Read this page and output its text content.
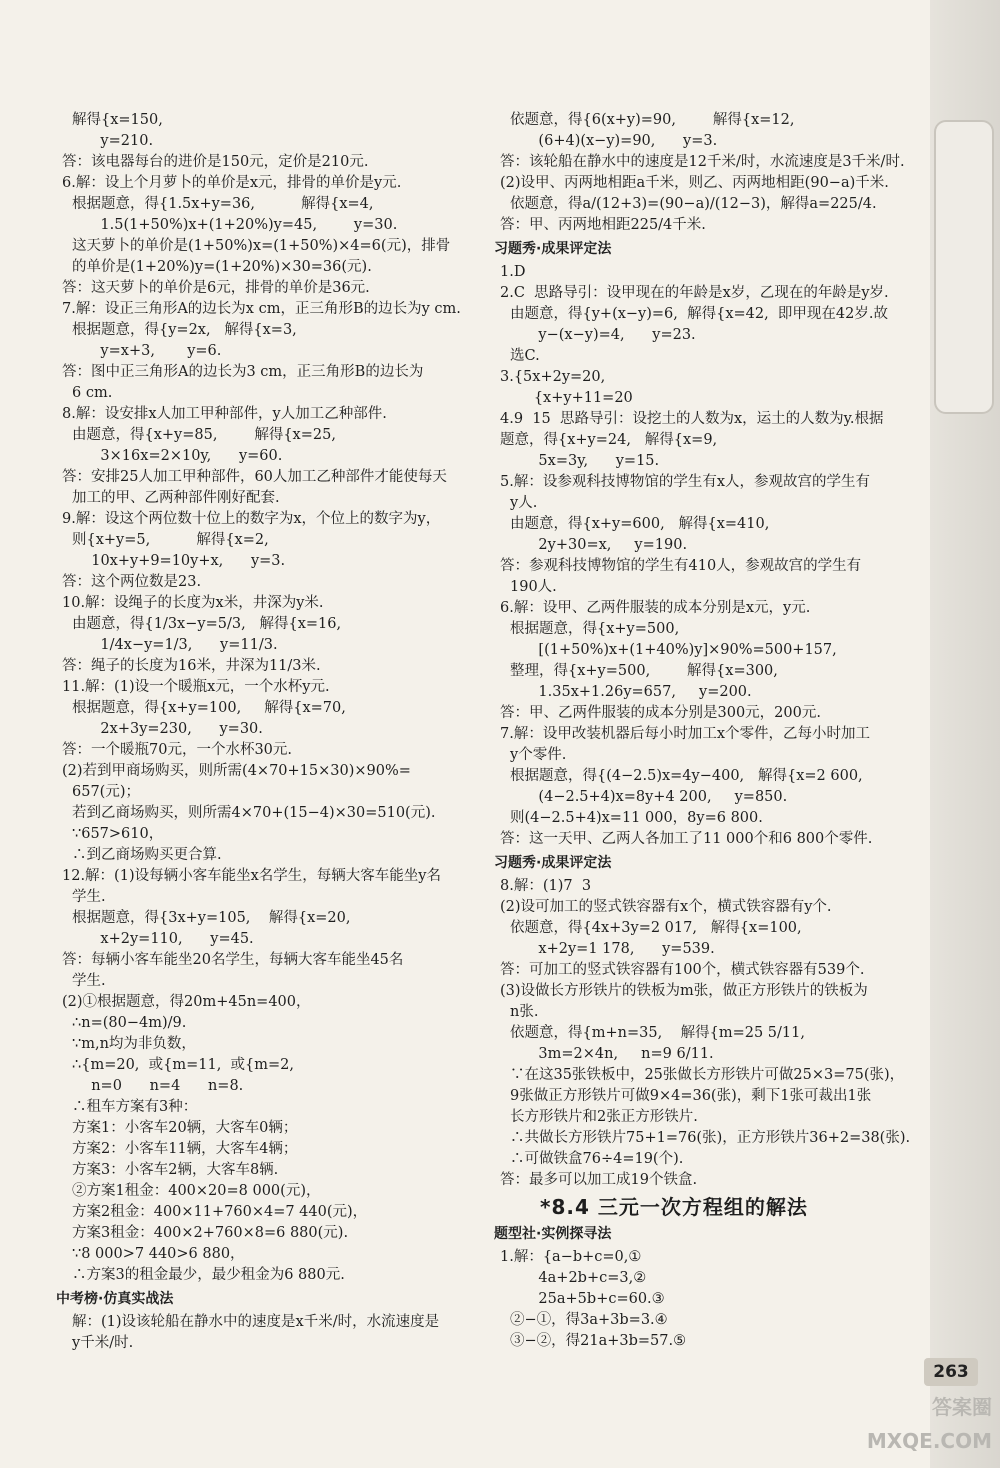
解得{x=150,
y=210.
答：该电器每台的进价是150元，定价是210元.
6.解：设上个月萝卜的单价是x元，排骨的单价是y元.
根据题意，得{1.5x+y=36,          解得{x=4,
1.5(1+50%)x+(1+20%)y=45,        y=30.
这天萝卜的单价是(1+50%)x=(1+50%)×4=6(元)，排骨
的单价是(1+20%)y=(1+20%)×30=36(元).
答：这天萝卜的单价是6元，排骨的单价是36元.
7.解：设正三角形A的边长为x cm，正三角形B的边长为y cm.
根据题意，得{y=2x,   解得{x=3,
y=x+3,       y=6.
答：图中正三角形A的边长为3 cm，正三角形B的边长为
6 cm.
8.解：设安排x人加工甲种部件，y人加工乙种部件.
由题意，得{x+y=85,        解得{x=25,
3×16x=2×10y,      y=60.
答：安排25人加工甲种部件，60人加工乙种部件才能使每天
加工的甲、乙两种部件刚好配套.
9.解：设这个两位数十位上的数字为x，个位上的数字为y，
则{x+y=5,          解得{x=2,
10x+y+9=10y+x,      y=3.
答：这个两位数是23.
10.解：设绳子的长度为x米，井深为y米.
由题意，得{1/3x−y=5/3,   解得{x=16,
1/4x−y=1/3,      y=11/3.
答：绳子的长度为16米，井深为11/3米.
11.解：(1)设一个暖瓶x元，一个水杯y元.
根据题意，得{x+y=100,     解得{x=70,
2x+3y=230,      y=30.
答：一个暖瓶70元，一个水杯30元.
(2)若到甲商场购买，则所需(4×70+15×30)×90%=
657(元)；
若到乙商场购买，则所需4×70+(15−4)×30=510(元).
∵657>610，
∴到乙商场购买更合算.
12.解：(1)设每辆小客车能坐x名学生，每辆大客车能坐y名
学生.
根据题意，得{3x+y=105,    解得{x=20,
x+2y=110,      y=45.
答：每辆小客车能坐20名学生，每辆大客车能坐45名
学生.
(2)①根据题意，得20m+45n=400，
∴n=(80−4m)/9.
∵m,n均为非负数，
∴{m=20,  或{m=11,  或{m=2,
n=0      n=4      n=8.
∴租车方案有3种：
方案1：小客车20辆，大客车0辆；
方案2：小客车11辆，大客车4辆；
方案3：小客车2辆，大客车8辆.
②方案1租金：400×20=8 000(元)，
方案2租金：400×11+760×4=7 440(元)，
方案3租金：400×2+760×8=6 880(元).
∵8 000>7 440>6 880，
∴方案3的租金最少，最少租金为6 880元.
中考榜·仿真实战法
解：(1)设该轮船在静水中的速度是x千米/时，水流速度是
y千米/时.
依题意，得{6(x+y)=90,        解得{x=12,
(6+4)(x−y)=90,      y=3.
答：该轮船在静水中的速度是12千米/时，水流速度是3千米/时.
(2)设甲、丙两地相距a千米，则乙、丙两地相距(90−a)千米.
依题意，得a/(12+3)=(90−a)/(12−3)，解得a=225/4.
答：甲、丙两地相距225/4千米.
习题秀·成果评定法
1.D
2.C  思路导引：设甲现在的年龄是x岁，乙现在的年龄是y岁.
由题意，得{y+(x−y)=6,  解得{x=42,  即甲现在42岁.故
y−(x−y)=4,      y=23.
选C.
3.{5x+2y=20,
{x+y+11=20
4.9  15  思路导引：设挖土的人数为x，运土的人数为y.根据
题意，得{x+y=24,   解得{x=9,
5x=3y,      y=15.
5.解：设参观科技博物馆的学生有x人，参观故宫的学生有
y人.
由题意，得{x+y=600,   解得{x=410,
2y+30=x,     y=190.
答：参观科技博物馆的学生有410人，参观故宫的学生有
190人.
6.解：设甲、乙两件服装的成本分别是x元，y元.
根据题意，得{x+y=500,
[(1+50%)x+(1+40%)y]×90%=500+157,
整理，得{x+y=500,        解得{x=300,
1.35x+1.26y=657,     y=200.
答：甲、乙两件服装的成本分别是300元，200元.
7.解：设甲改装机器后每小时加工x个零件，乙每小时加工
y个零件.
根据题意，得{(4−2.5)x=4y−400,   解得{x=2 600,
(4−2.5+4)x=8y+4 200,     y=850.
则(4−2.5+4)x=11 000，8y=6 800.
答：这一天甲、乙两人各加工了11 000个和6 800个零件.
习题秀·成果评定法
8.解：(1)7  3
(2)设可加工的竖式铁容器有x个，横式铁容器有y个.
依题意，得{4x+3y=2 017,   解得{x=100,
x+2y=1 178,      y=539.
答：可加工的竖式铁容器有100个，横式铁容器有539个.
(3)设做长方形铁片的铁板为m张，做正方形铁片的铁板为
n张.
依题意，得{m+n=35,    解得{m=25 5/11,
3m=2×4n,     n=9 6/11.
∵在这35张铁板中，25张做长方形铁片可做25×3=75(张)，
9张做正方形铁片可做9×4=36(张)，剩下1张可裁出1张
长方形铁片和2张正方形铁片.
∴共做长方形铁片75+1=76(张)，正方形铁片36+2=38(张).
∴可做铁盒76÷4=19(个).
答：最多可以加工成19个铁盒.
*8.4 三元一次方程组的解法
题型社·实例探寻法
1.解：{a−b+c=0,①
4a+2b+c=3,②
25a+5b+c=60.③
②−①，得3a+3b=3.④
③−②，得21a+3b=57.⑤
263
答案圈 MXQE.COM
